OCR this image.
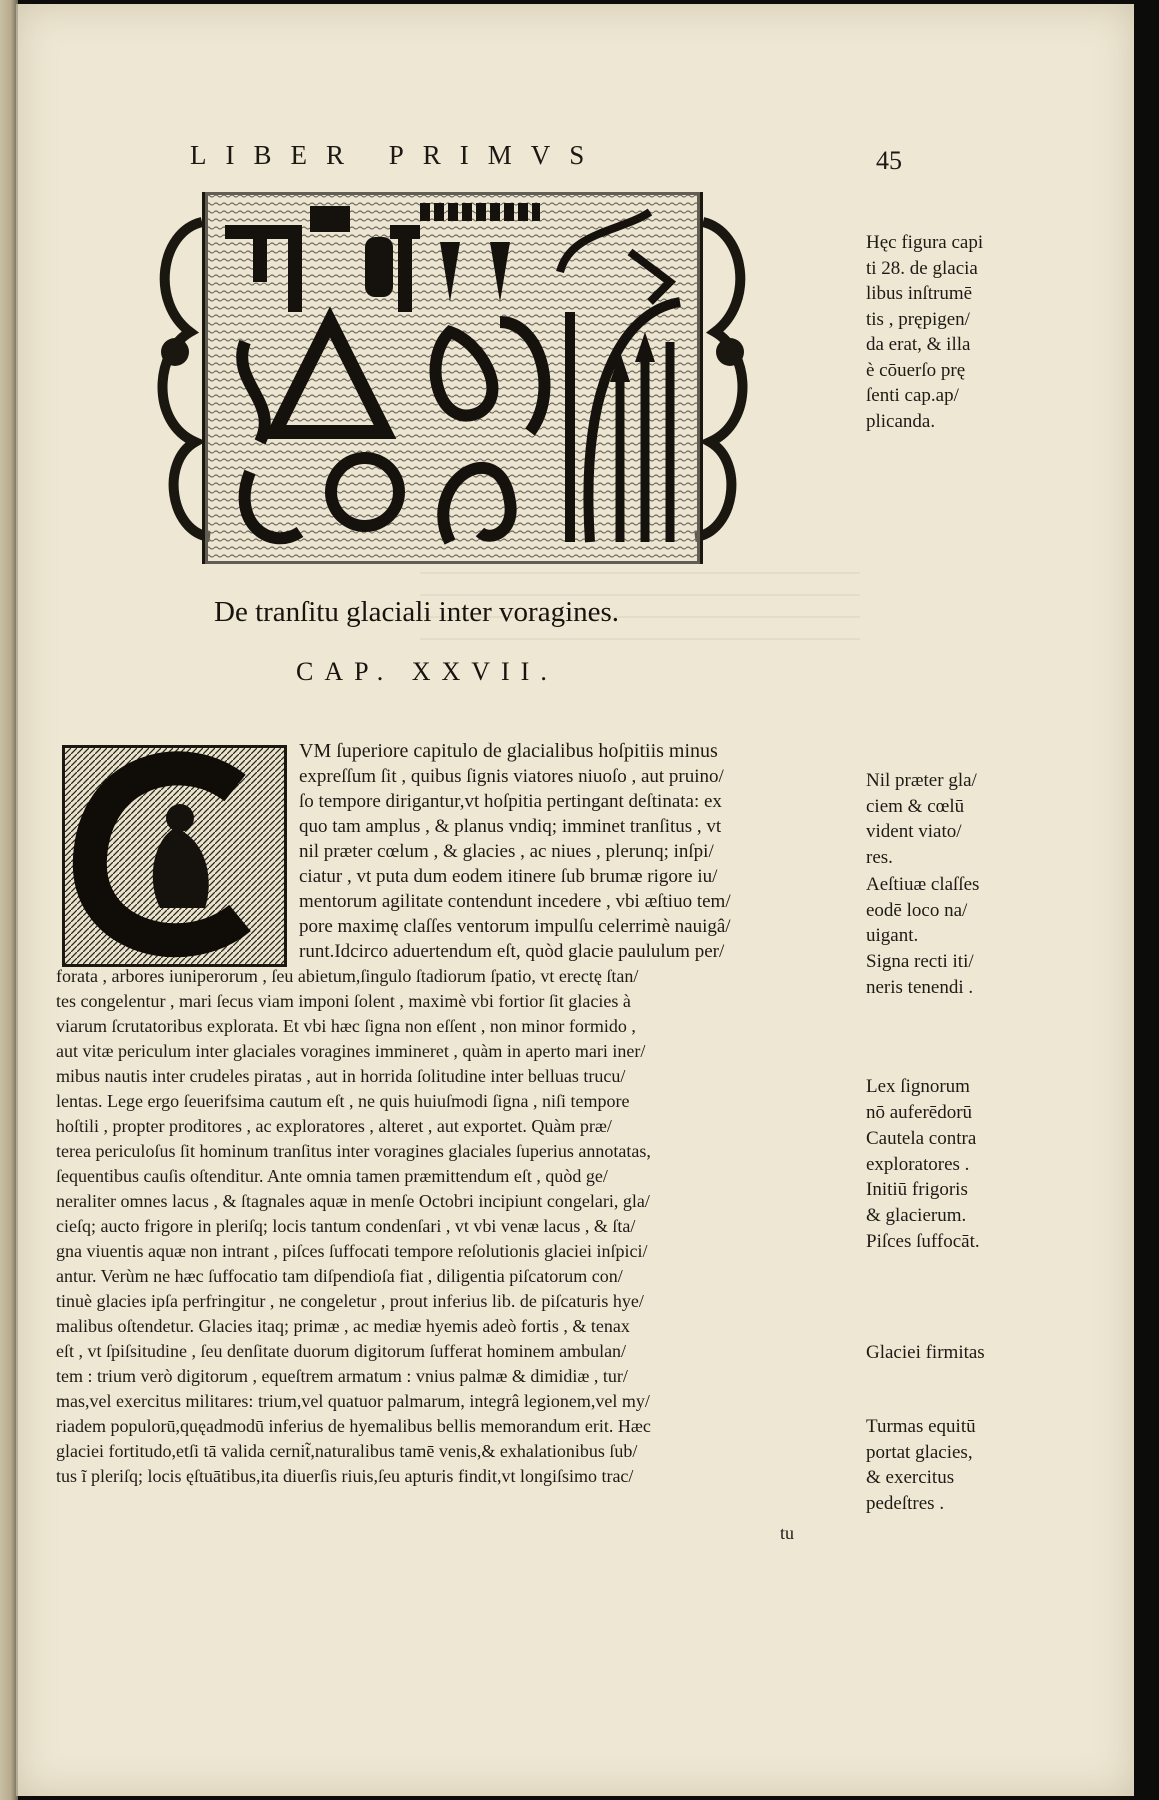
LIBER PRIMVS	45
De tranſitu glaciali inter voragines.
CAP. XXVII.
VM ſuperiore capitulo de glacialibus hoſpitiis minus
expreſſum ſit , quibus ſignis viatores niuoſo , aut pruino/
ſo tempore dirigantur,vt hoſpitia pertingant deſtinata: ex
quo tam amplus , & planus vndiq; imminet tranſitus , vt
nil præter cœlum , & glacies , ac niues , plerunq; inſpi/
ciatur , vt puta dum eodem itinere ſub brumæ rigore iu/
mentorum agilitate contendunt incedere , vbi æſtiuo tem/
pore maximę claſſes ventorum impulſu celerrimè nauigâ/
runt.Idcirco aduertendum eſt, quòd glacie paululum per/
forata , arbores iuniperorum , ſeu abietum,ſingulo ſtadiorum ſpatio, vt erectę ſtan/
tes congelentur , mari ſecus viam imponi ſolent , maximè vbi fortior ſit glacies à
viarum ſcrutatoribus explorata. Et vbi hæc ſigna non eſſent , non minor formido ,
aut vitæ periculum inter glaciales voragines immineret , quàm in aperto mari iner/
mibus nautis inter crudeles piratas , aut in horrida ſolitudine inter belluas trucu/
lentas. Lege ergo ſeuerifsima cautum eſt , ne quis huiuſmodi ſigna , niſi tempore
hoſtili , propter proditores , ac exploratores , alteret , aut exportet. Quàm præ/
terea periculoſus ſit hominum tranſitus inter voragines glaciales ſuperius annotatas,
ſequentibus cauſis oſtenditur. Ante omnia tamen præmittendum eſt , quòd ge/
neraliter omnes lacus , & ſtagnales aquæ in menſe Octobri incipiunt congelari, gla/
cieſq; aucto frigore in pleriſq; locis tantum condenſari , vt vbi venæ lacus , & ſta/
gna viuentis aquæ non intrant , piſces ſuffocati tempore reſolutionis glaciei inſpici/
antur. Verùm ne hæc ſuffocatio tam diſpendioſa fiat , diligentia piſcatorum con/
tinuè glacies ipſa perfringitur , ne congeletur , prout inferius lib. de piſcaturis hye/
malibus oſtendetur. Glacies itaq; primæ , ac mediæ hyemis adeò fortis , & tenax
eſt , vt ſpiſsitudine , ſeu denſitate duorum digitorum ſufferat hominem ambulan/
tem : trium verò digitorum , equeſtrem armatum : vnius palmæ & dimidiæ , tur/
mas,vel exercitus militares: trium,vel quatuor palmarum, integrâ legionem,vel my/
riadem populorū,quęadmodū inferius de hyemalibus bellis memorandum erit. Hæc
glaciei fortitudo,etſi tā valida cernit̃,naturalibus tamē venis,& exhalationibus ſub/
tus ĩ pleriſq; locis ęſtuātibus,ita diuerſis riuis,ſeu apturis findit,vt longiſsimo trac/
tu
Hęc figura capi
ti 28. de glacia
libus inſtrumē
tis , prępigen/
da erat, & illa
è cōuerſo prę
ſenti cap.ap/
plicanda.
Nil præter gla/
ciem & cœlū
vident viato/
res.
Aeſtiuæ claſſes
eodē loco na/
uigant.
Signa recti iti/
neris tenendi .
Lex ſignorum
nō auferēdorū
Cautela contra
exploratores .
Initiū frigoris
& glacierum.
Piſces ſuffocāt.
Glaciei firmitas
Turmas equitū
portat glacies,
& exercitus
pedeſtres .
